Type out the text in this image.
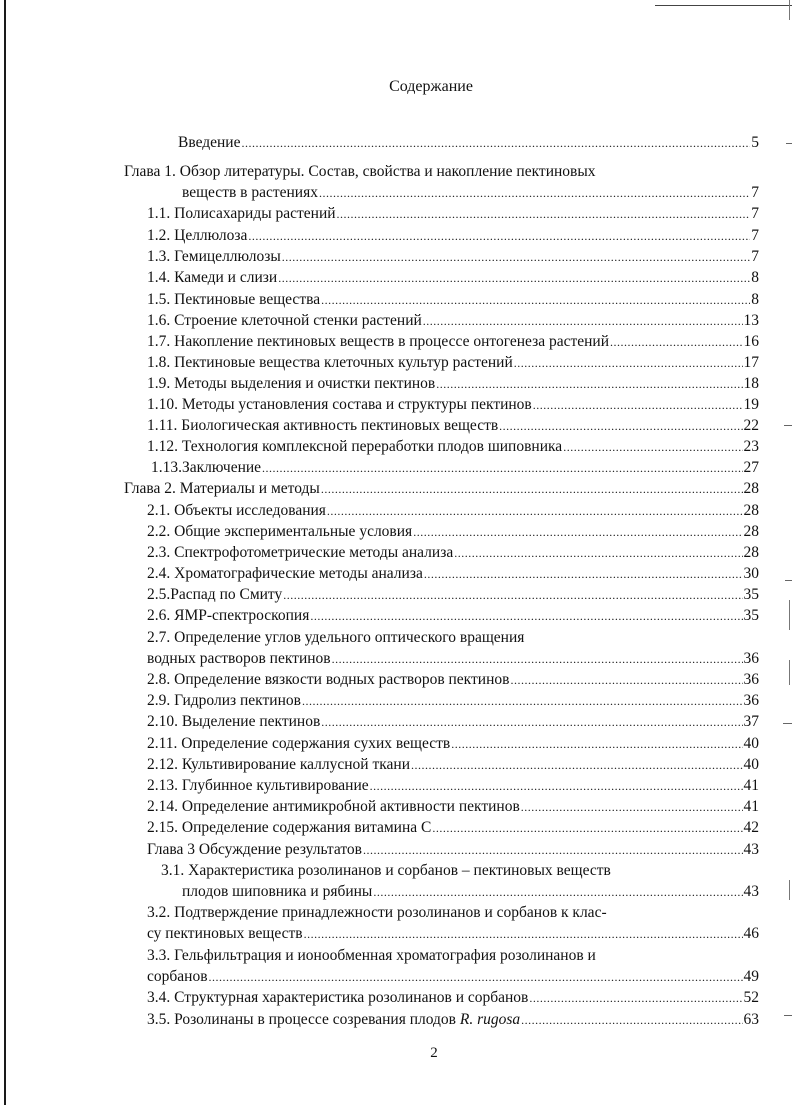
Содержание
Введение .....	5
Глава 1. Обзор литературы. Состав, свойства и накопление пектиновых
веществ в растениях .....	7
1.1. Полисахариды растений .....	7
1.2. Целлюлоза .....	7
1.3. Гемицеллюлозы .....	7
1.4. Камеди и слизи .....	8
1.5. Пектиновые вещества .....	8
1.6. Строение клеточной стенки растений .....	13
1.7. Накопление пектиновых веществ в процессе онтогенеза растений .....	16
1.8. Пектиновые вещества клеточных культур растений .....	17
1.9. Методы выделения и очистки пектинов .....	18
1.10. Методы установления состава и структуры пектинов .....	19
1.11. Биологическая активность пектиновых веществ .....	22
1.12. Технология комплексной переработки плодов шиповника .....	23
1.13.Заключение .....	27
Глава 2. Материалы и методы .....	28
2.1. Объекты исследования .....	28
2.2. Общие экспериментальные условия .....	28
2.3. Спектрофотометрические методы анализа .....	28
2.4. Хроматографические методы анализа .....	30
2.5.Распад по Смиту .....	35
2.6. ЯМР-спектроскопия .....	35
2.7. Определение углов удельного оптического вращения
водных растворов пектинов .....	36
2.8. Определение вязкости водных растворов пектинов .....	36
2.9. Гидролиз пектинов .....	36
2.10. Выделение пектинов .....	37
2.11. Определение содержания сухих веществ .....	40
2.12. Культивирование каллусной ткани .....	40
2.13. Глубинное культивирование .....	41
2.14. Определение антимикробной активности пектинов .....	41
2.15. Определение содержания витамина С .....	42
Глава 3 Обсуждение результатов .....	43
3.1. Характеристика розолинанов и сорбанов – пектиновых веществ
плодов шиповника и рябины .....	43
3.2. Подтверждение принадлежности розолинанов и сорбанов к клас-
су пектиновых веществ .....	46
3.3. Гельфильтрация и ионообменная хроматография розолинанов и
сорбанов .....	49
3.4. Структурная характеристика розолинанов и сорбанов .....	52
3.5. Розолинаны в процессе созревания плодов R. rugosa .....	63
2
